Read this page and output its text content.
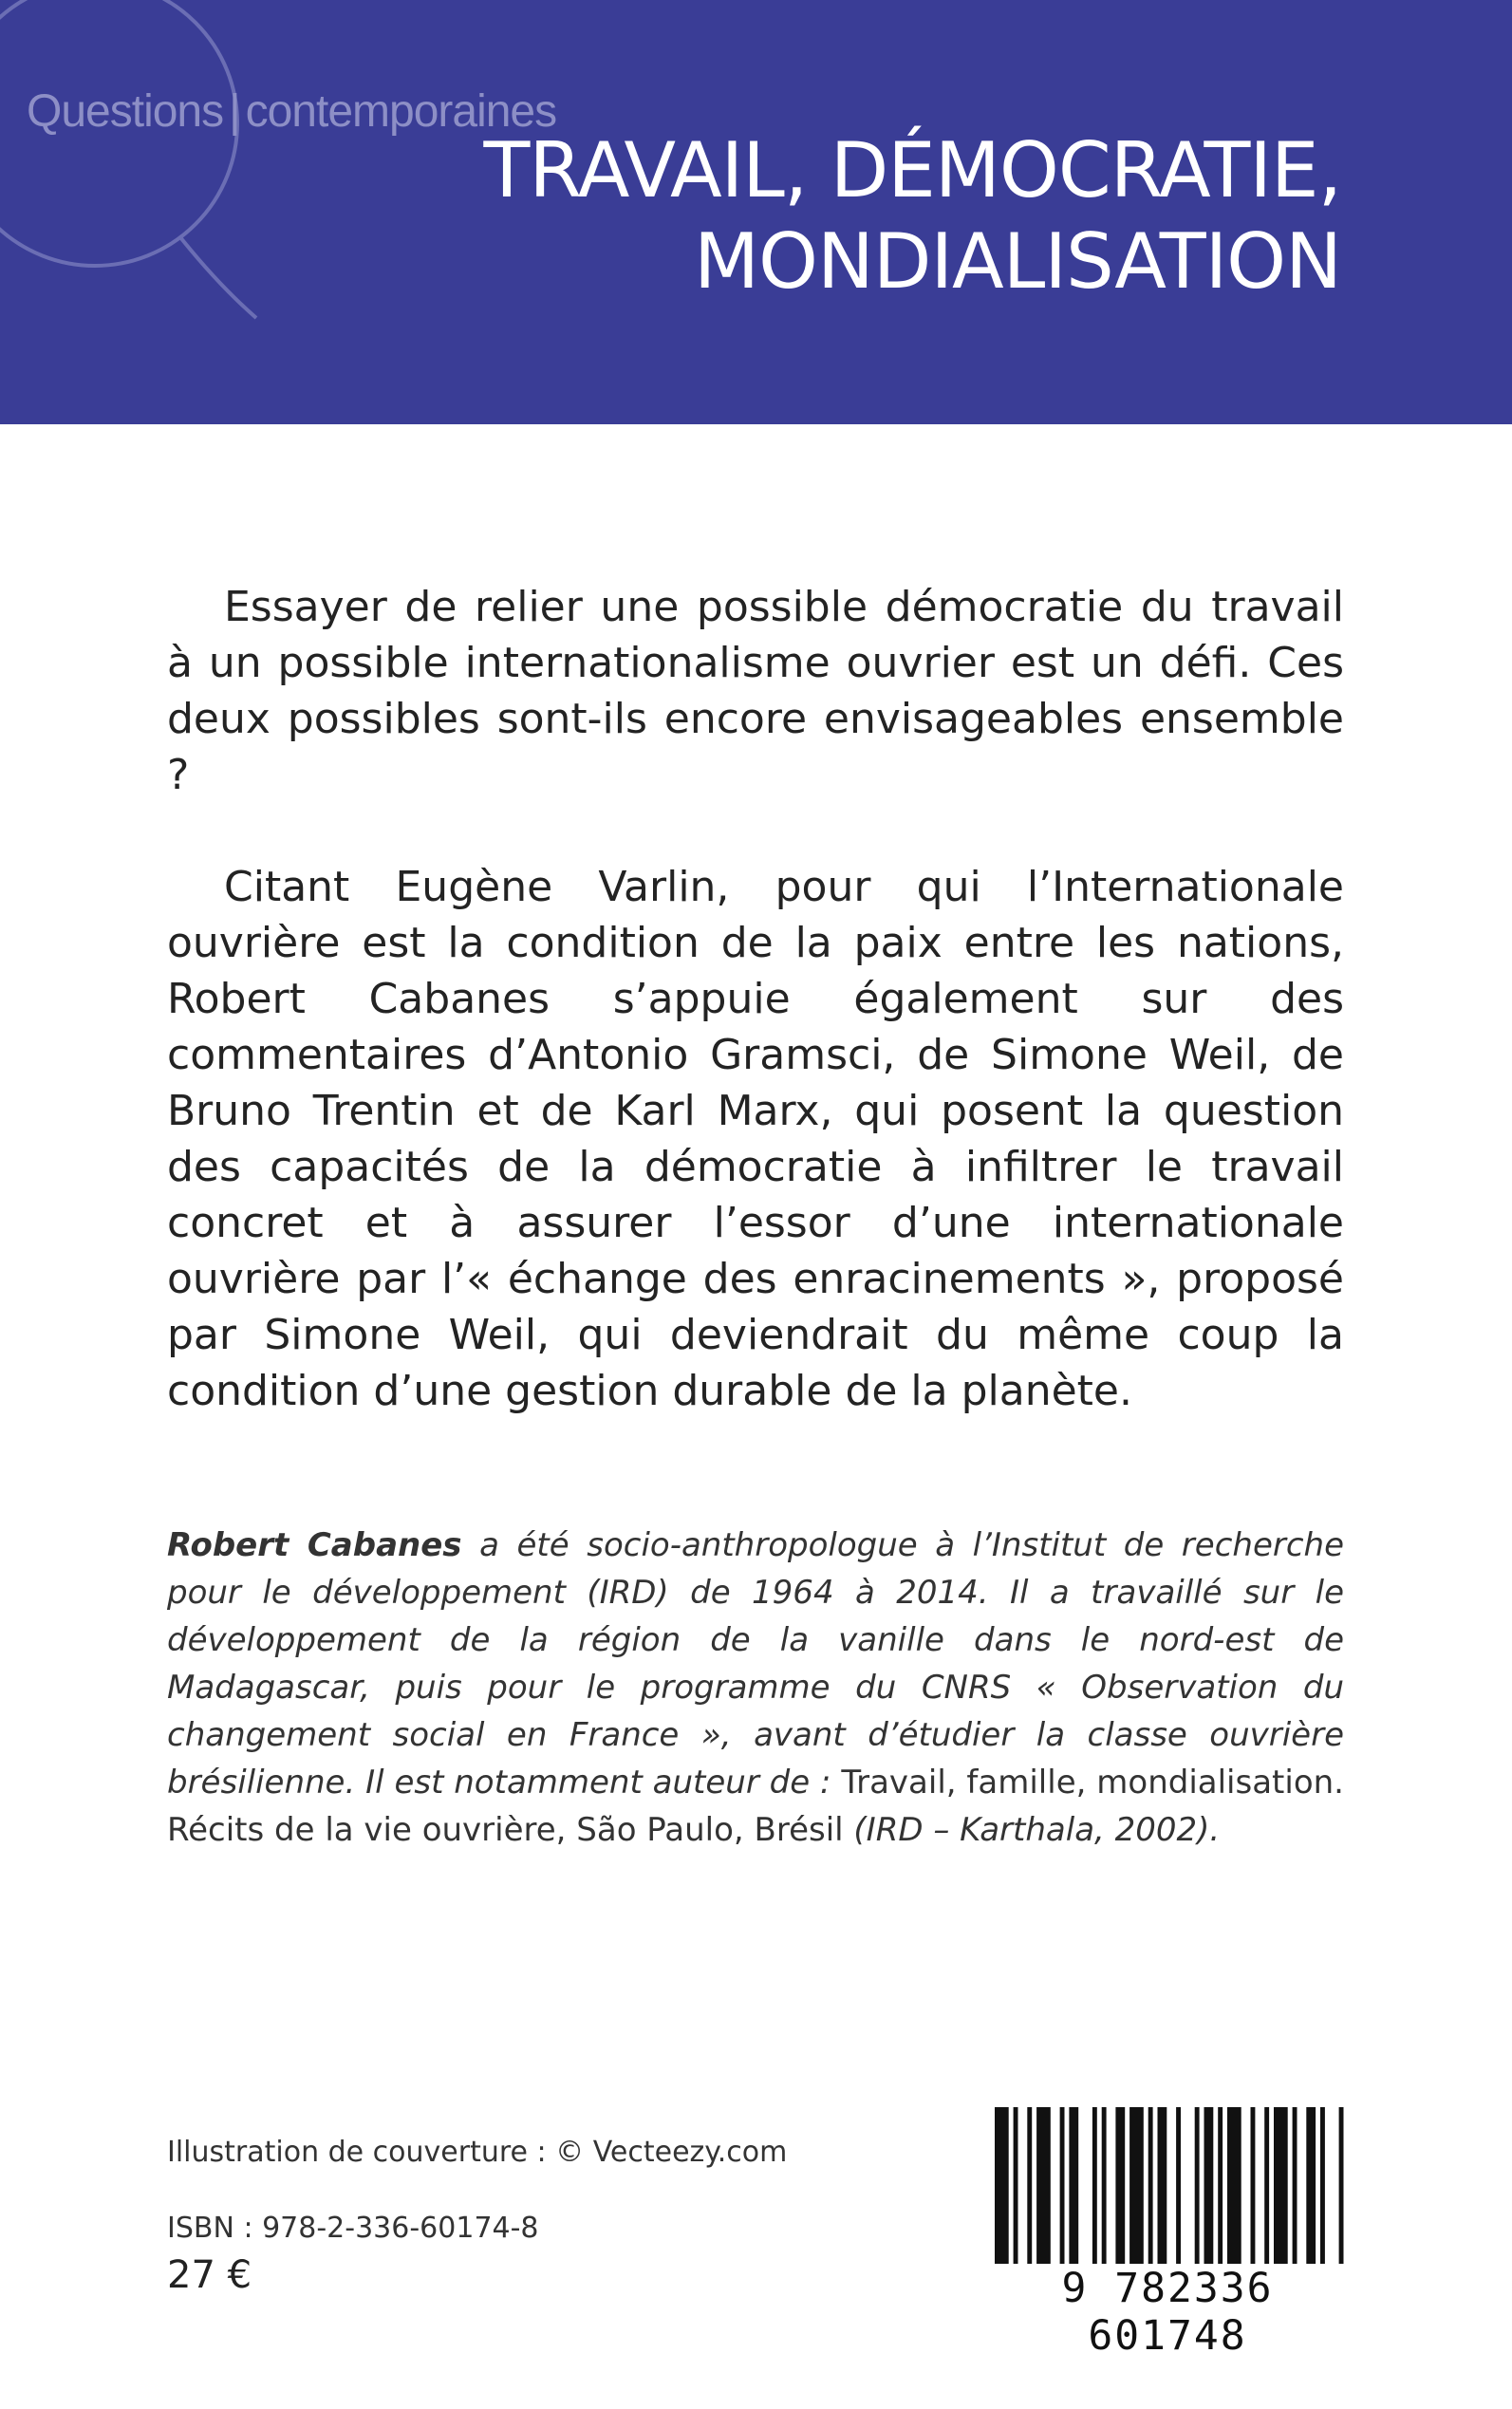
Questions | contemporaines
TRAVAIL, DÉMOCRATIE,
MONDIALISATION

Essayer de relier une possible démocratie du travail à un possible internationalisme ouvrier est un défi. Ces deux possibles sont-ils encore envisageables ensemble ?

Citant Eugène Varlin, pour qui l’Internationale ouvrière est la condition de la paix entre les nations, Robert Cabanes s’appuie également sur des commentaires d’Antonio Gramsci, de Simone Weil, de Bruno Trentin et de Karl Marx, qui posent la question des capacités de la démocratie à infiltrer le travail concret et à assurer l’essor d’une internationale ouvrière par l’« échange des enracinements », proposé par Simone Weil, qui deviendrait du même coup la condition d’une gestion durable de la planète.

Robert Cabanes a été socio-anthropologue à l’Institut de recherche pour le développement (IRD) de 1964 à 2014. Il a travaillé sur le développement de la région de la vanille dans le nord-est de Madagascar, puis pour le programme du CNRS « Observation du changement social en France », avant d’étudier la classe ouvrière brésilienne. Il est notamment auteur de : Travail, famille, mondialisation. Récits de la vie ouvrière, São Paulo, Brésil (IRD – Karthala, 2002).

Illustration de couverture : © Vecteezy.com
ISBN : 978-2-336-60174-8
27 €	9 782336 601748
